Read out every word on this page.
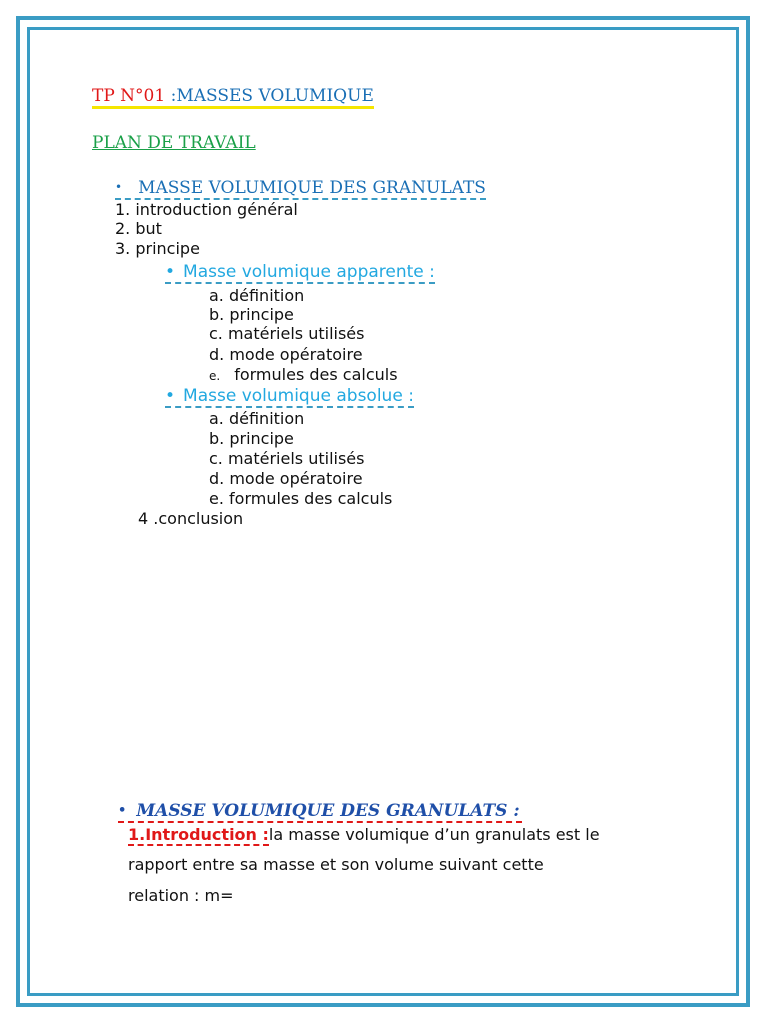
TP N°01 :MASSES VOLUMIQUE
PLAN DE TRAVAIL
• MASSE VOLUMIQUE DES GRANULATS
1. introduction général
2. but
3. principe
• Masse volumique apparente :
a. définition
b. principe
c. matériels utilisés
d. mode opératoire
e. formules des calculs
• Masse volumique absolue :
a. définition
b. principe
c. matériels utilisés
d. mode opératoire
e. formules des calculs
4 .conclusion
• MASSE VOLUMIQUE DES GRANULATS :
1.Introduction :la masse volumique d’un granulats est le
rapport entre sa masse et son volume suivant cette
relation : m=
